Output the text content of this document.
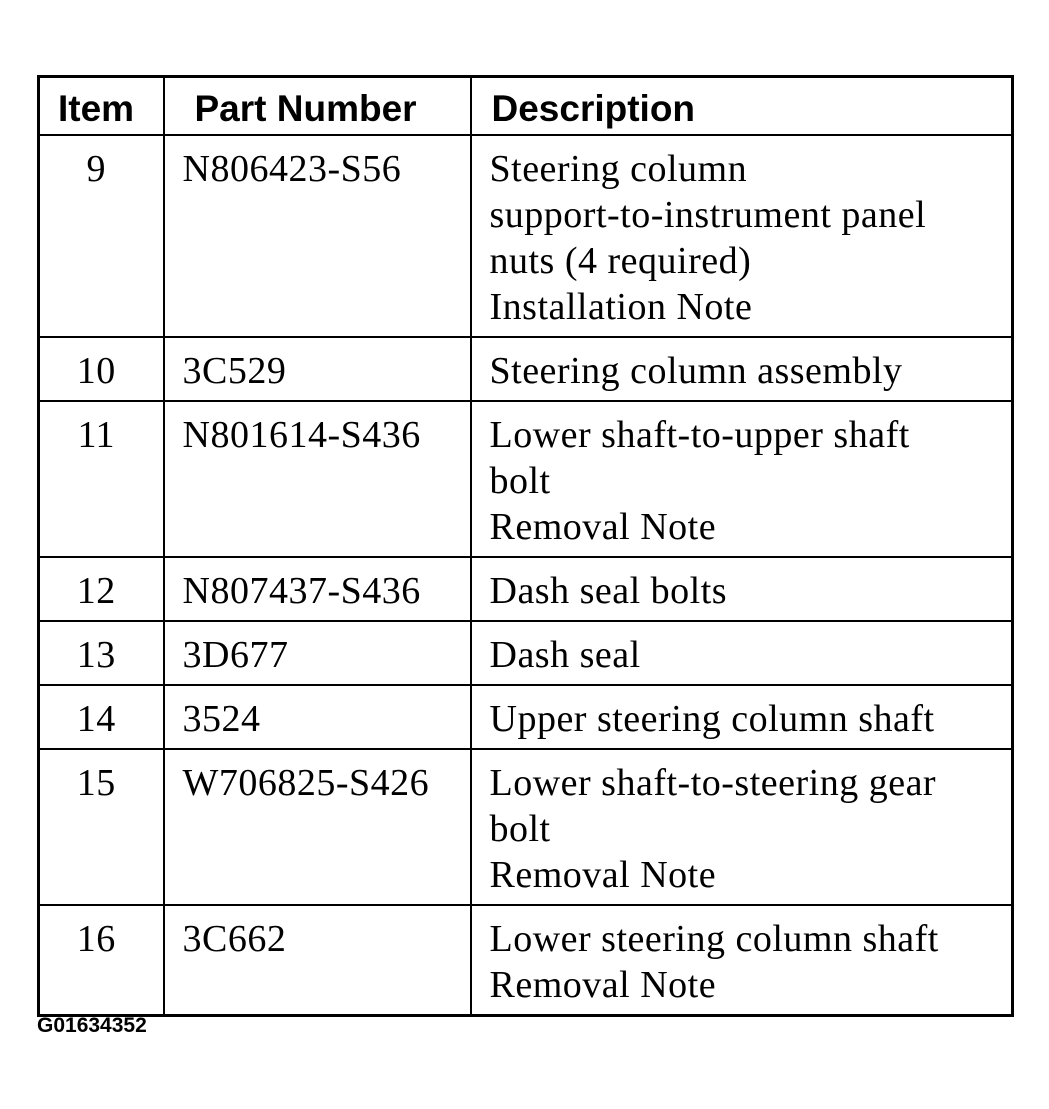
Item	Part Number	Description
9	N806423-S56	Steering column
support-to-instrument panel
nuts (4 required)
Installation Note

10	3C529	Steering column assembly

11	N801614-S436	Lower shaft-to-upper shaft
bolt
Removal Note

12	N807437-S436	Dash seal bolts

13	3D677	Dash seal

14	3524	Upper steering column shaft

15	W706825-S426	Lower shaft-to-steering gear
bolt
Removal Note

16	3C662	Lower steering column shaft
Removal Note
G01634352
